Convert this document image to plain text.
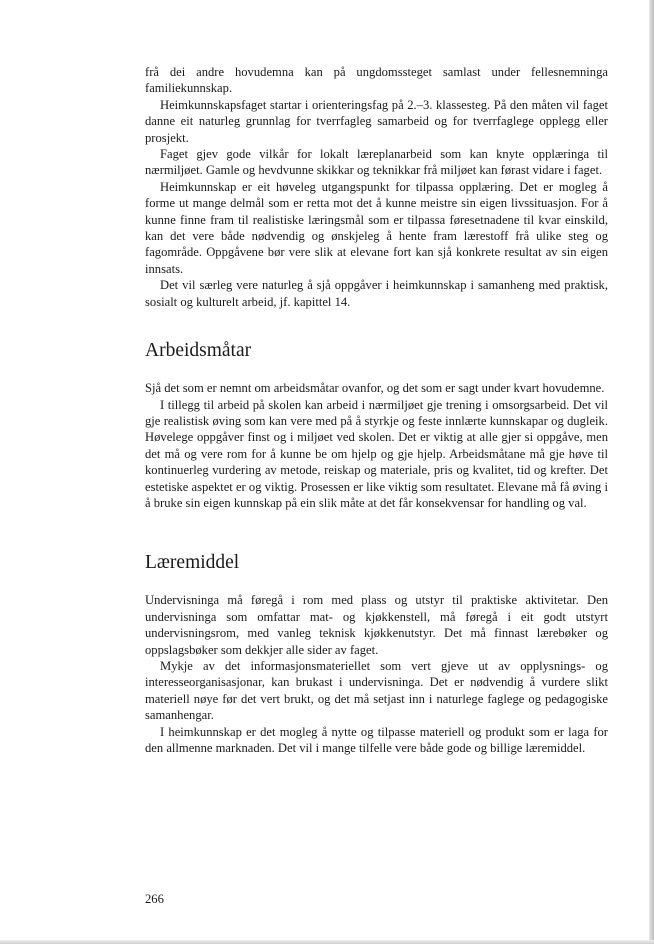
frå dei andre hovudemna kan på ungdomssteget samlast under fellesnemninga familiekunnskap.

Heimkunnskapsfaget startar i orienteringsfag på 2.–3. klassesteg. På den måten vil faget danne eit naturleg grunnlag for tverrfagleg samarbeid og for tverrfaglege opplegg eller prosjekt.

Faget gjev gode vilkår for lokalt læreplanarbeid som kan knyte opplæringa til nærmiljøet. Gamle og hevdvunne skikkar og teknikkar frå miljøet kan førast vidare i faget.

Heimkunnskap er eit høveleg utgangspunkt for tilpassa opplæring. Det er mogleg å forme ut mange delmål som er retta mot det å kunne meistre sin eigen livssituasjon. For å kunne finne fram til realistiske læringsmål som er tilpassa føresetnadene til kvar einskild, kan det vere både nødvendig og ønskjeleg å hente fram lærestoff frå ulike steg og fagområde. Oppgåvene bør vere slik at elevane fort kan sjå konkrete resultat av sin eigen innsats.

Det vil særleg vere naturleg å sjå oppgåver i heimkunnskap i samanheng med praktisk, sosialt og kulturelt arbeid, jf. kapittel 14.

Arbeidsmåtar

Sjå det som er nemnt om arbeidsmåtar ovanfor, og det som er sagt under kvart hovudemne.

I tillegg til arbeid på skolen kan arbeid i nærmiljøet gje trening i omsorgsarbeid. Det vil gje realistisk øving som kan vere med på å styrkje og feste innlærte kunnskapar og dugleik. Høvelege oppgåver finst og i miljøet ved skolen. Det er viktig at alle gjer si oppgåve, men det må og vere rom for å kunne be om hjelp og gje hjelp. Arbeidsmåtane må gje høve til kontinuerleg vurdering av metode, reiskap og materiale, pris og kvalitet, tid og krefter. Det estetiske aspektet er og viktig. Prosessen er like viktig som resultatet. Elevane må få øving i å bruke sin eigen kunnskap på ein slik måte at det får konsekvensar for handling og val.

Læremiddel

Undervisninga må føregå i rom med plass og utstyr til praktiske aktivitetar. Den undervisninga som omfattar mat- og kjøkkenstell, må føregå i eit godt utstyrt undervisningsrom, med vanleg teknisk kjøkkenutstyr. Det må finnast lærebøker og oppslagsbøker som dekkjer alle sider av faget.

Mykje av det informasjonsmateriellet som vert gjeve ut av opplysnings- og interesseorganisasjonar, kan brukast i undervisninga. Det er nødvendig å vurdere slikt materiell nøye før det vert brukt, og det må setjast inn i naturlege faglege og pedagogiske samanhengar.

I heimkunnskap er det mogleg å nytte og tilpasse materiell og produkt som er laga for den allmenne marknaden. Det vil i mange tilfelle vere både gode og billige læremiddel.

266
